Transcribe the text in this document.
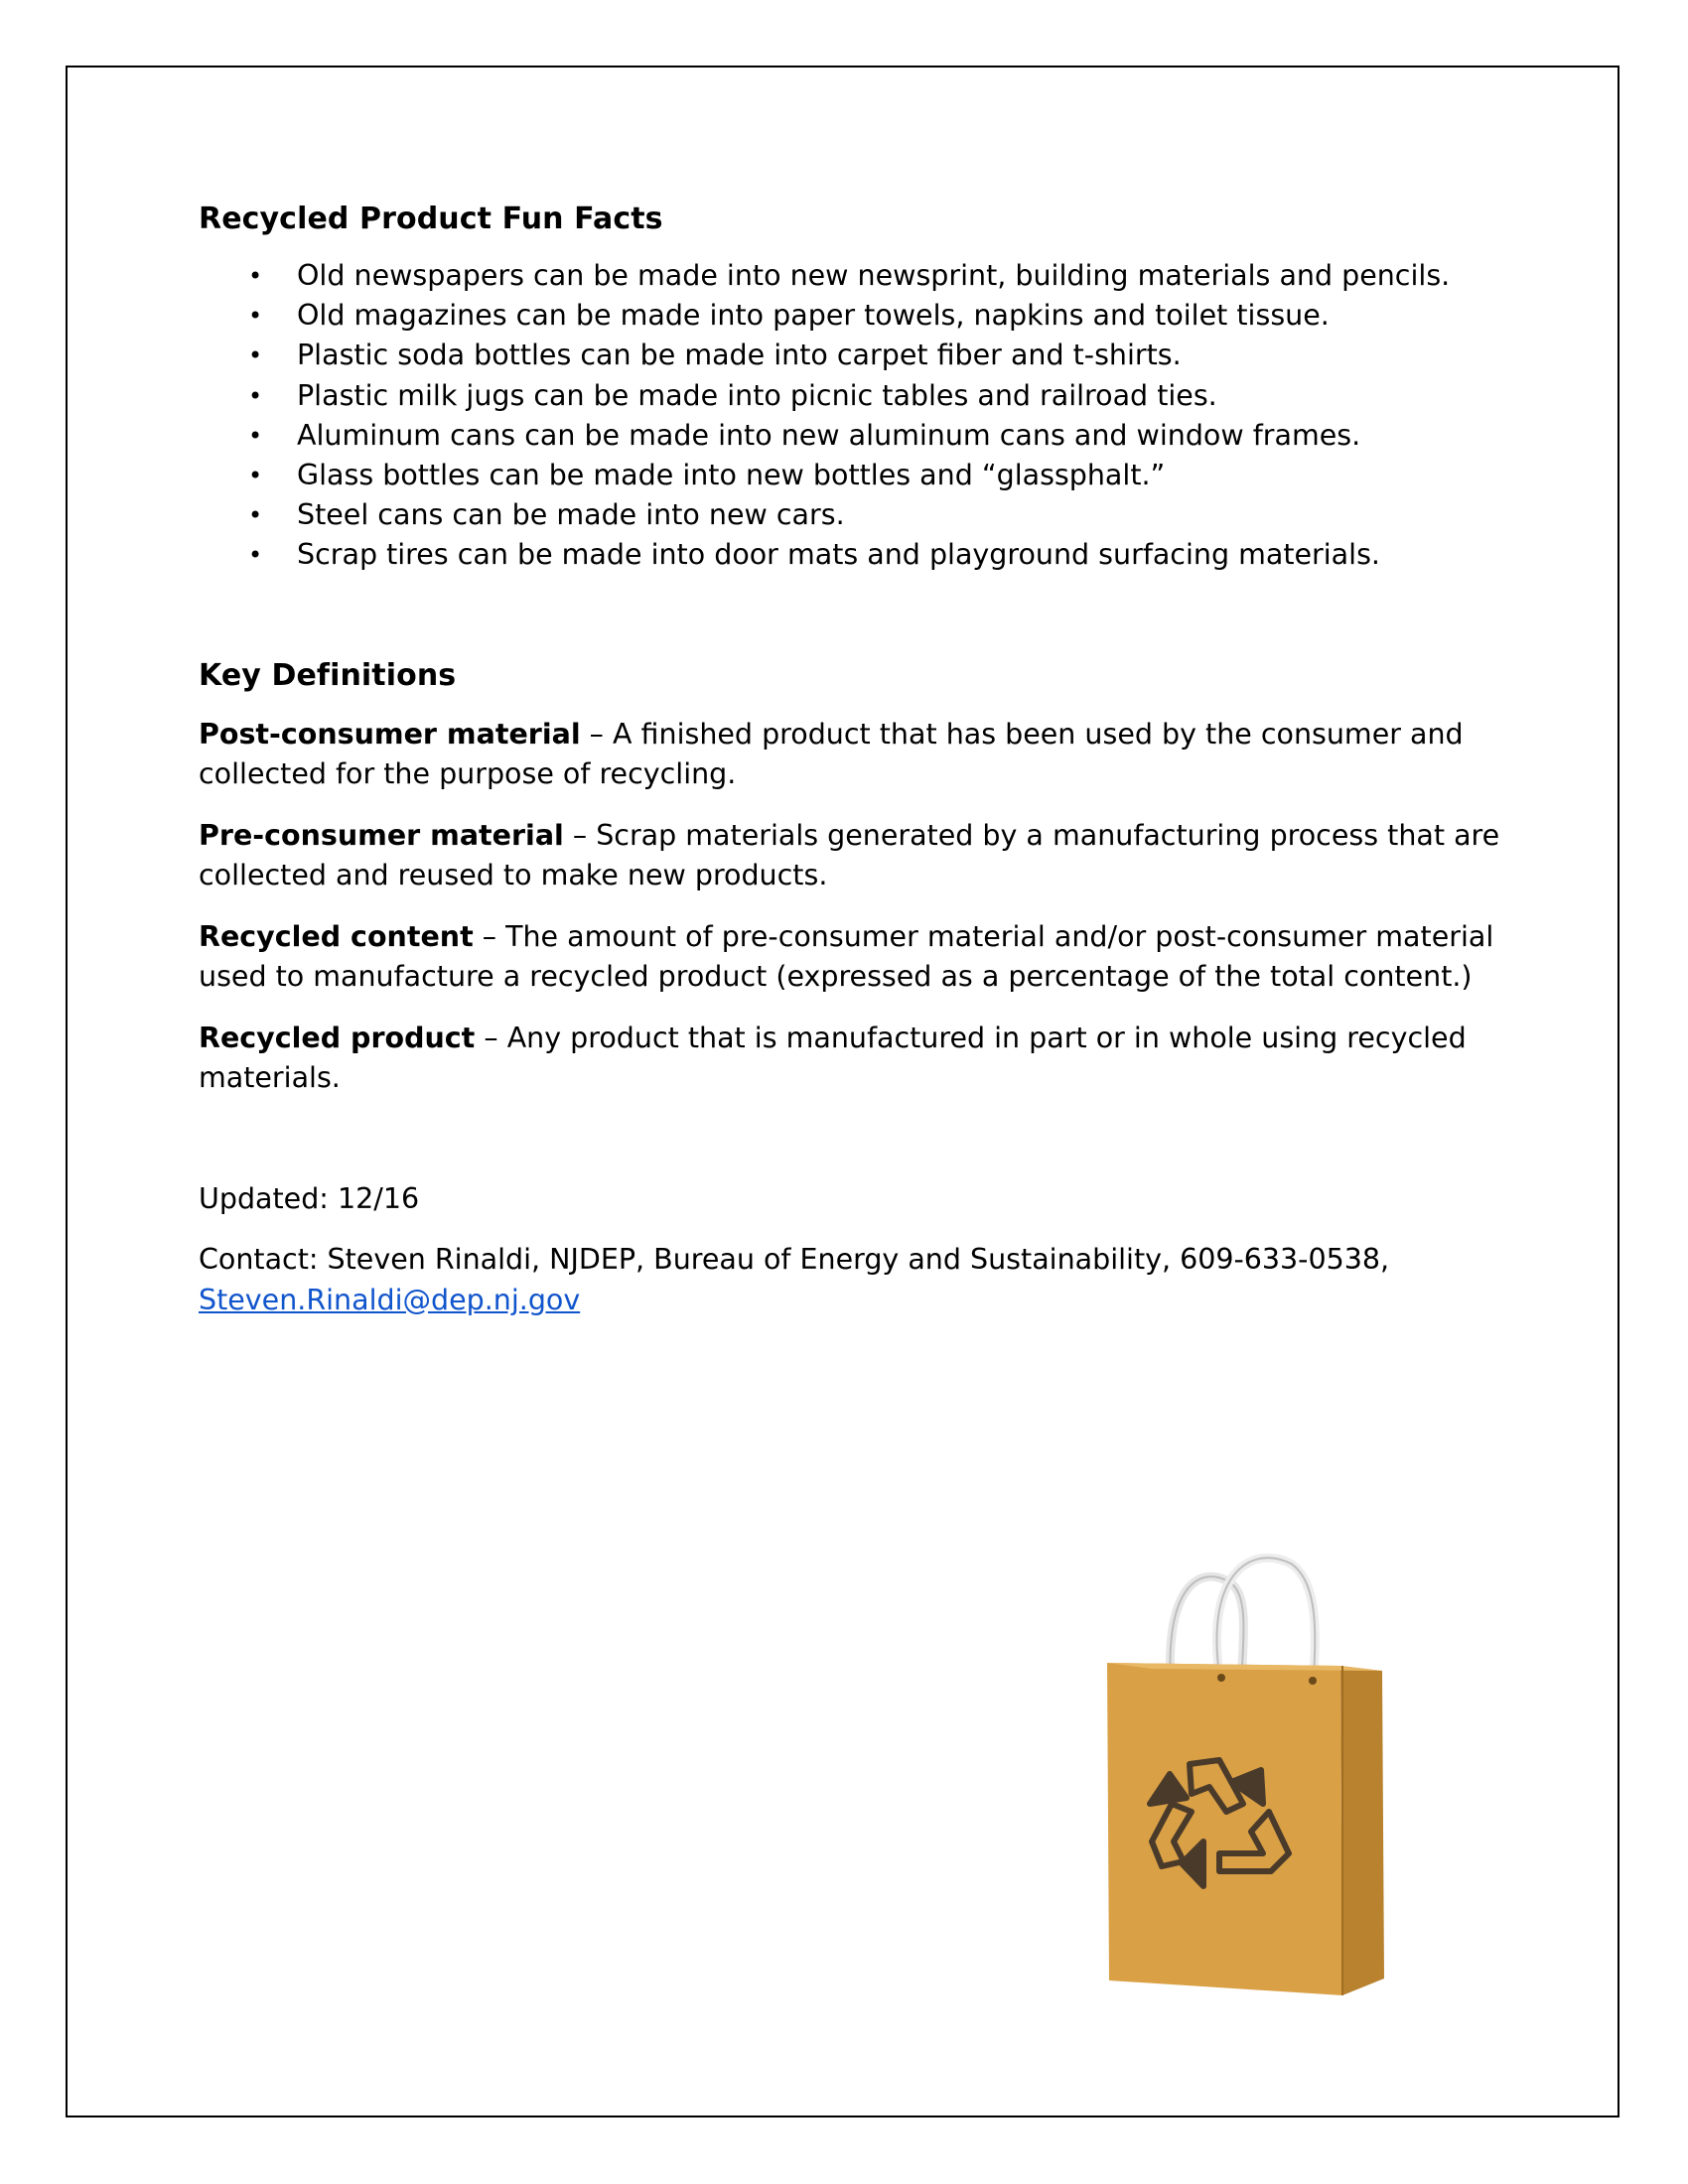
Recycled Product Fun Facts
• Old newspapers can be made into new newsprint, building materials and pencils.
• Old magazines can be made into paper towels, napkins and toilet tissue.
• Plastic soda bottles can be made into carpet fiber and t-shirts.
• Plastic milk jugs can be made into picnic tables and railroad ties.
• Aluminum cans can be made into new aluminum cans and window frames.
• Glass bottles can be made into new bottles and “glassphalt.”
• Steel cans can be made into new cars.
• Scrap tires can be made into door mats and playground surfacing materials.
Key Definitions

Post-consumer material – A finished product that has been used by the consumer and collected for the purpose of recycling.

Pre-consumer material – Scrap materials generated by a manufacturing process that are collected and reused to make new products.

Recycled content – The amount of pre-consumer material and/or post-consumer material used to manufacture a recycled product (expressed as a percentage of the total content.)

Recycled product – Any product that is manufactured in part or in whole using recycled materials.

Updated: 12/16

Contact: Steven Rinaldi, NJDEP, Bureau of Energy and Sustainability, 609-633-0538,
Steven.Rinaldi@dep.nj.gov
